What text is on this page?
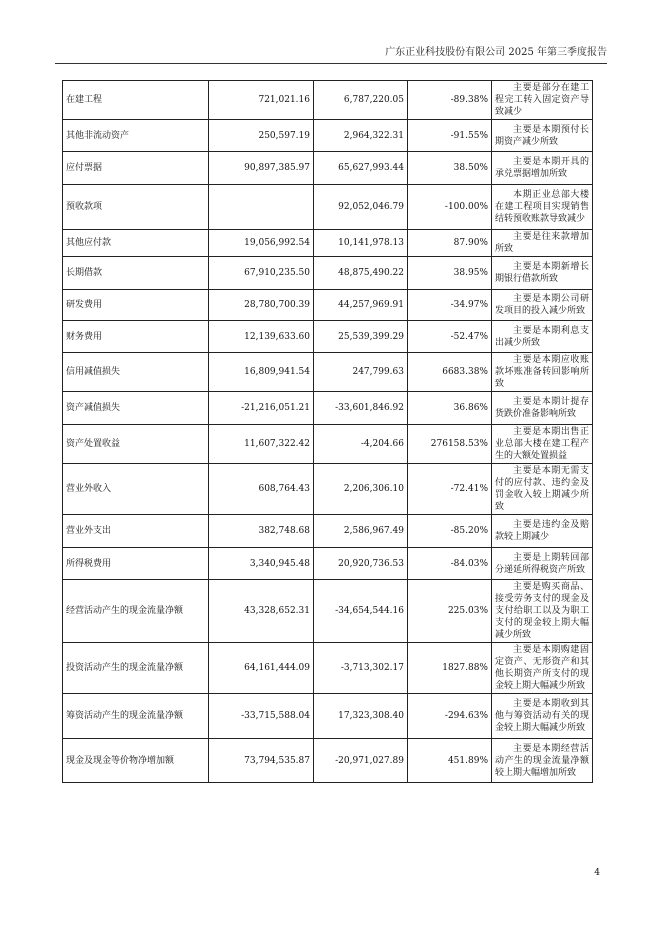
广东正业科技股份有限公司 2025 年第三季度报告
在建工程	721,021.16	6,787,220.05	-89.38%	主要是部分在建工程完工转入固定资产导致减少
其他非流动资产	250,597.19	2,964,322.31	-91.55%	主要是本期预付长期资产减少所致
应付票据	90,897,385.97	65,627,993.44	38.50%	主要是本期开具的承兑票据增加所致
预收款项		92,052,046.79	-100.00%	本期正业总部大楼在建工程项目实现销售结转预收账款导致减少
其他应付款	19,056,992.54	10,141,978.13	87.90%	主要是往来款增加所致
长期借款	67,910,235.50	48,875,490.22	38.95%	主要是本期新增长期银行借款所致
研发费用	28,780,700.39	44,257,969.91	-34.97%	主要是本期公司研发项目的投入减少所致
财务费用	12,139,633.60	25,539,399.29	-52.47%	主要是本期利息支出减少所致
信用减值损失	16,809,941.54	247,799.63	6683.38%	主要是本期应收账款坏账准备转回影响所致
资产减值损失	-21,216,051.21	-33,601,846.92	36.86%	主要是本期计提存货跌价准备影响所致
资产处置收益	11,607,322.42	-4,204.66	276158.53%	主要是本期出售正业总部大楼在建工程产生的大额处置损益
营业外收入	608,764.43	2,206,306.10	-72.41%	主要是本期无需支付的应付款、违约金及罚金收入较上期减少所致
营业外支出	382,748.68	2,586,967.49	-85.20%	主要是违约金及赔款较上期减少
所得税费用	3,340,945.48	20,920,736.53	-84.03%	主要是上期转回部分递延所得税资产所致
经营活动产生的现金流量净额	43,328,652.31	-34,654,544.16	225.03%	主要是购买商品、接受劳务支付的现金及支付给职工以及为职工支付的现金较上期大幅减少所致
投资活动产生的现金流量净额	64,161,444.09	-3,713,302.17	1827.88%	主要是本期购建固定资产、无形资产和其他长期资产所支付的现金较上期大幅减少所致
筹资活动产生的现金流量净额	-33,715,588.04	17,323,308.40	-294.63%	主要是本期收到其他与筹资活动有关的现金较上期大幅减少所致
现金及现金等价物净增加额	73,794,535.87	-20,971,027.89	451.89%	主要是本期经营活动产生的现金流量净额较上期大幅增加所致
4
